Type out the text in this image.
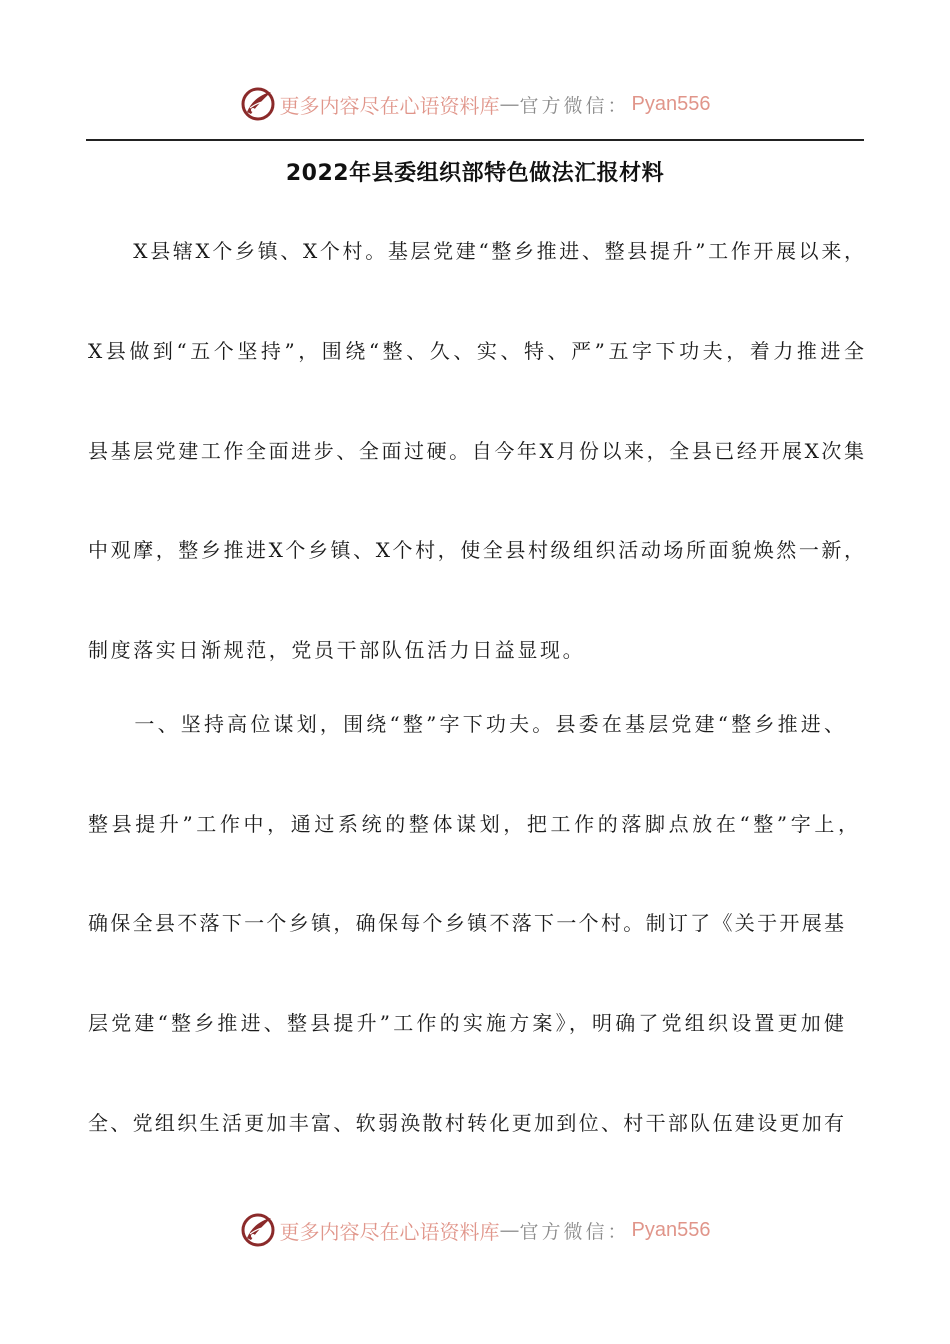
更多内容尽在心语资料库 — 官方微信： Pyan556
2022年县委组织部特色做法汇报材料
　　X县辖X个乡镇、X个村。基层党建“整乡推进、整县提升”工作开展以来，
X县做到“五个坚持”，围绕“整、久、实、特、严”五字下功夫，着力推进全
县基层党建工作全面进步、全面过硬。自今年X月份以来，全县已经开展X次集
中观摩，整乡推进X个乡镇、X个村，使全县村级组织活动场所面貌焕然一新，
制度落实日渐规范，党员干部队伍活力日益显现。
　　一、坚持高位谋划，围绕“整”字下功夫。县委在基层党建“整乡推进、
整县提升”工作中，通过系统的整体谋划，把工作的落脚点放在“整”字上，
确保全县不落下一个乡镇，确保每个乡镇不落下一个村。制订了《关于开展基
层党建“整乡推进、整县提升”工作的实施方案》，明确了党组织设置更加健
全、党组织生活更加丰富、软弱涣散村转化更加到位、村干部队伍建设更加有
更多内容尽在心语资料库 — 官方微信： Pyan556
